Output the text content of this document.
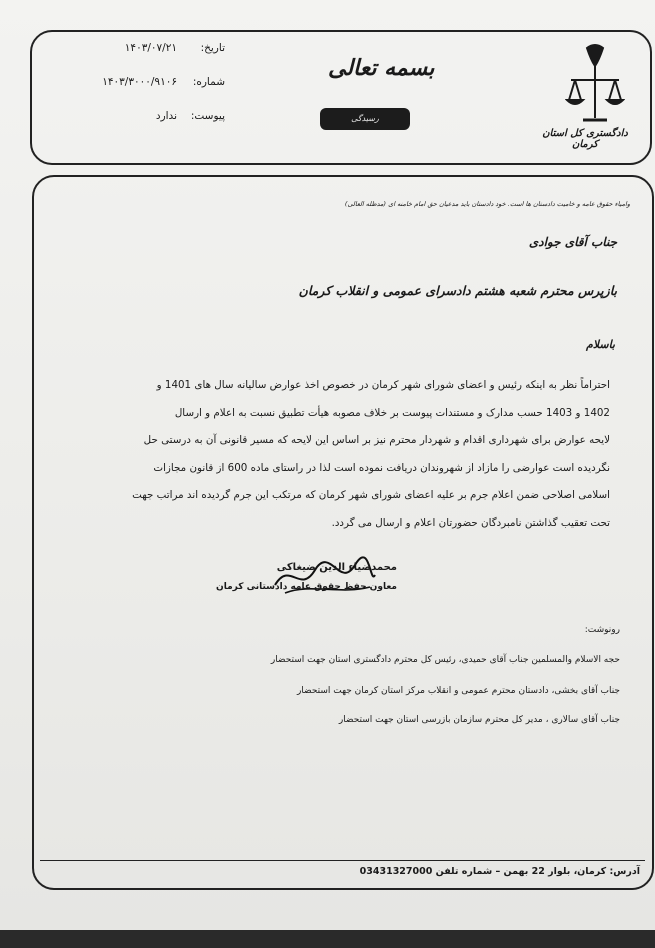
تاریخ:
۱۴۰۳/۰۷/۲۱
شماره:
۱۴۰۳/۳۰۰۰/۹۱۰۶
پیوست:
ندارد
بسمه تعالی
رسیدگی
دادگستری کل استان کرمان
وامیاء حقوق عامه و خامیت دادستان ها است. خود دادستان باید مدعیان حق امام خامنه ای (مدظله العالی)
جناب آقای جوادی
بازپرس محترم شعبه هشتم دادسرای عمومی و انقلاب کرمان
باسلام

احتراماً نظر به اینکه رئیس و اعضای شورای شهر کرمان در خصوص اخذ عوارض سالیانه سال های 1401 و

1402 و 1403 حسب مدارک و مستندات پیوست بر خلاف مصوبه هیأت تطبیق نسبت به اعلام و ارسال

لایحه عوارض برای شهرداری اقدام و شهردار محترم نیز بر اساس این لایحه که مسیر قانونی آن به درستی حل

نگردیده است عوارضی را مازاد از شهروندان دریافت نموده است لذا در راستای ماده 600 از قانون مجازات

اسلامی اصلاحی ضمن اعلام جرم بر علیه اعضای شورای شهر کرمان که مرتکب این جرم گردیده اند مراتب جهت

تحت تعقیب گذاشتن نامبردگان حضورتان اعلام و ارسال می گردد.

محمدضیاء الدین ضیغاکی
معاون حفظ حقوق عامه دادستانی کرمان
رونوشت:
حجه الاسلام والمسلمین جناب آقای حمیدی، رئیس کل محترم دادگستری استان جهت استحضار
جناب آقای بخشی، دادستان محترم عمومی و انقلاب مرکز استان کرمان جهت استحضار
جناب آقای سالاری ، مدیر کل محترم سازمان بازرسی استان جهت استحضار
آدرس: کرمان، بلوار 22 بهمن – شماره تلفن 03431327000
